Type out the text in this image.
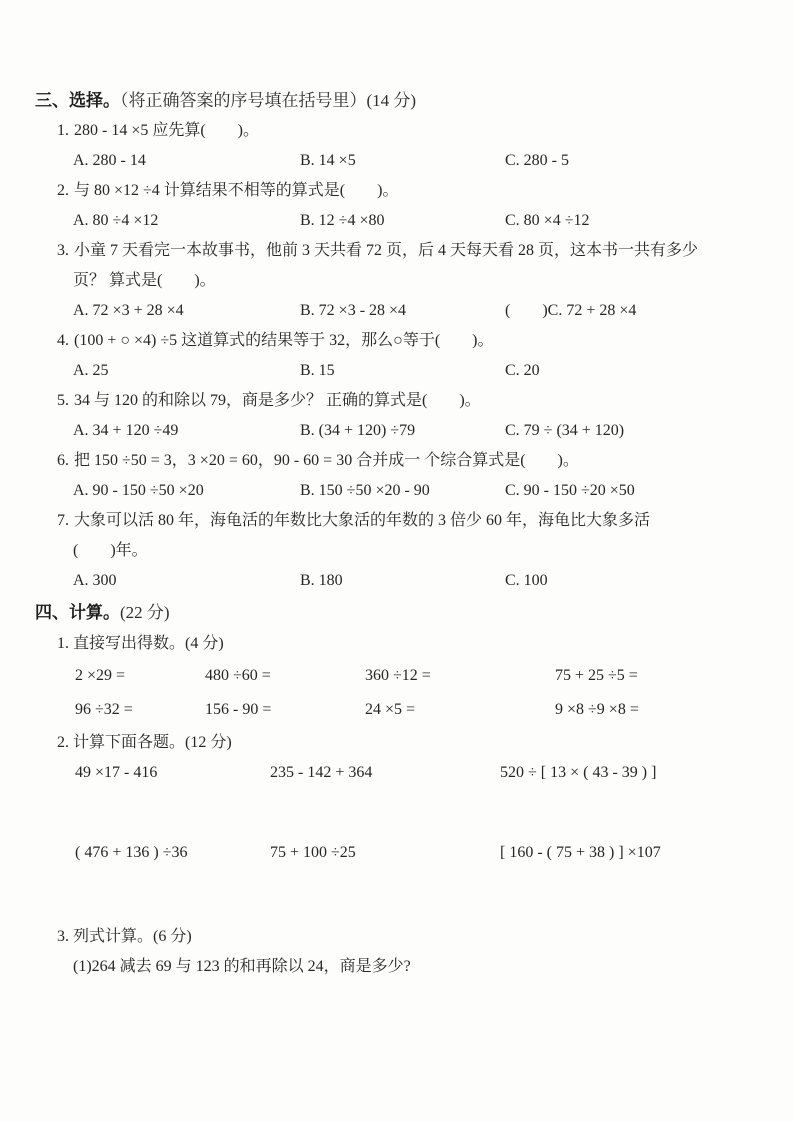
三、选择。（将正确答案的序号填在括号里）(14 分)
1. 280 - 14 ×5 应先算(　　)。
A. 280 - 14	B. 14 ×5	C. 280 - 5
2. 与 80 ×12 ÷4 计算结果不相等的算式是(　　)。
A. 80 ÷4 ×12	B. 12 ÷4 ×80	C. 80 ×4 ÷12
3. 小童 7 天看完一本故事书，他前 3 天共看 72 页，后 4 天每天看 28 页，这本书一共有多少
页？ 算式是(　　)。
A. 72 ×3 + 28 ×4	B. 72 ×3 - 28 ×4	(　　)C. 72 + 28 ×4
4. (100 + ○ ×4) ÷5 这道算式的结果等于 32，那么○等于(　　)。
A. 25	B. 15	C. 20
5. 34 与 120 的和除以 79，商是多少？ 正确的算式是(　　)。
A. 34 + 120 ÷49	B. (34 + 120) ÷79	C. 79 ÷ (34 + 120)
6. 把 150 ÷50 = 3，3 ×20 = 60，90 - 60 = 30 合并成一 个综合算式是(　　)。
A. 90 - 150 ÷50 ×20	B. 150 ÷50 ×20 - 90	C. 90 - 150 ÷20 ×50
7. 大象可以活 80 年，海龟活的年数比大象活的年数的 3 倍少 60 年，海龟比大象多活
(　　)年。
A. 300	B. 180	C. 100
四、计算。(22 分)
1. 直接写出得数。(4 分)
2 ×29 =	480 ÷60 =	360 ÷12 =	75 + 25 ÷5 =
96 ÷32 =	156 - 90 =	24 ×5 =	9 ×8 ÷9 ×8 =
2. 计算下面各题。(12 分)
49 ×17 - 416	235 - 142 + 364	520 ÷ [ 13 × ( 43 - 39 ) ]
( 476 + 136 ) ÷36	75 + 100 ÷25	[ 160 - ( 75 + 38 ) ] ×107
3. 列式计算。(6 分)
(1)264 减去 69 与 123 的和再除以 24，商是多少?
